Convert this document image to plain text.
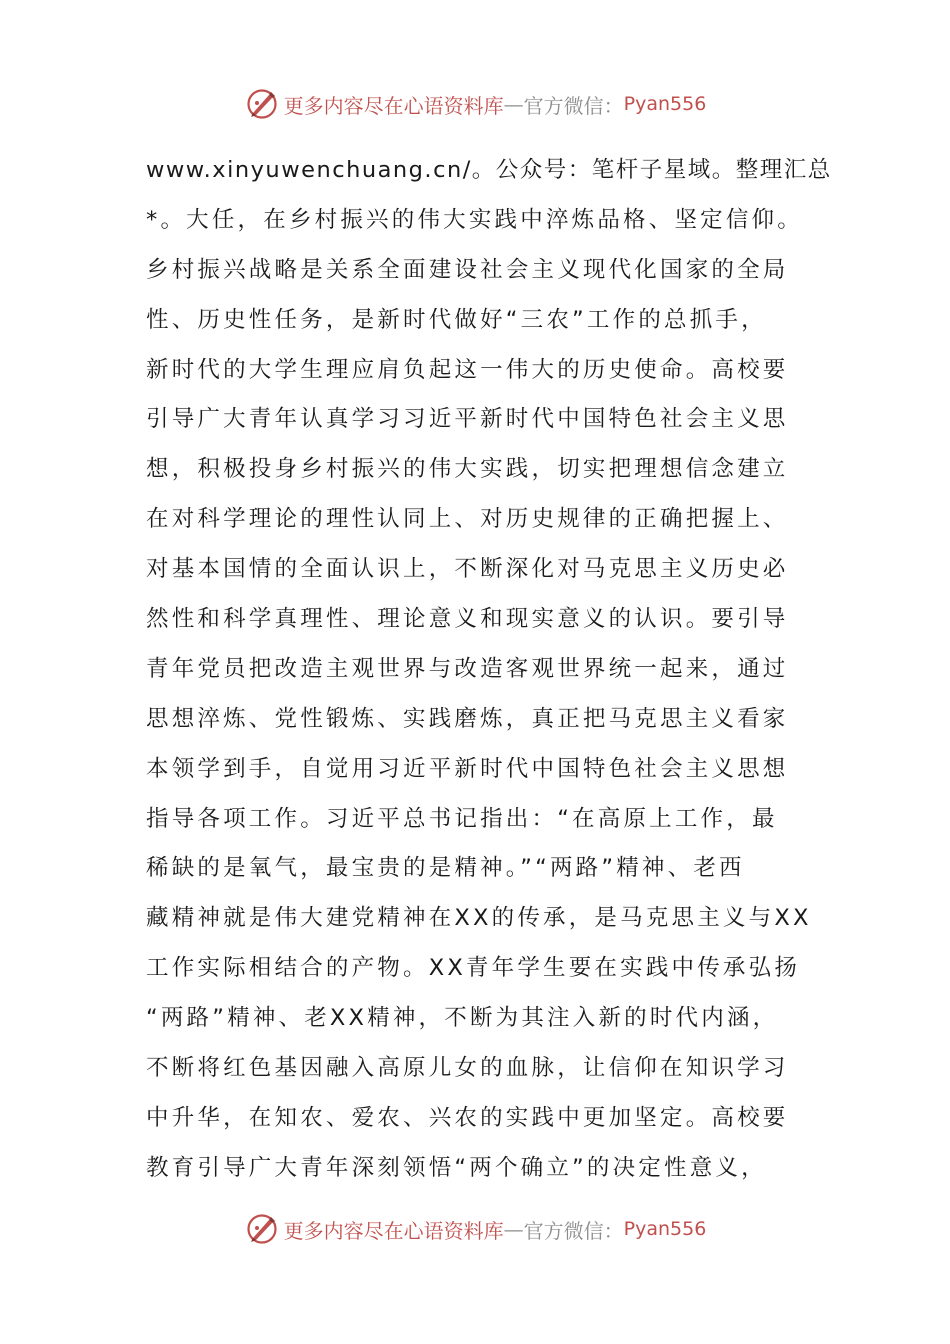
更多内容尽在心语资料库 — 官方微信： Pyan556
www.xinyuwenchuang.cn/。公众号：笔杆子星域。整理汇总
*。大任，在乡村振兴的伟大实践中淬炼品格、坚定信仰。
乡村振兴战略是关系全面建设社会主义现代化国家的全局
性、历史性任务，是新时代做好“三农”工作的总抓手，
新时代的大学生理应肩负起这一伟大的历史使命。高校要
引导广大青年认真学习习近平新时代中国特色社会主义思
想，积极投身乡村振兴的伟大实践，切实把理想信念建立
在对科学理论的理性认同上、对历史规律的正确把握上、
对基本国情的全面认识上，不断深化对马克思主义历史必
然性和科学真理性、理论意义和现实意义的认识。要引导
青年党员把改造主观世界与改造客观世界统一起来，通过
思想淬炼、党性锻炼、实践磨炼，真正把马克思主义看家
本领学到手，自觉用习近平新时代中国特色社会主义思想
指导各项工作。习近平总书记指出：“在高原上工作，最
稀缺的是氧气，最宝贵的是精神。”“两路”精神、老西
藏精神就是伟大建党精神在XX的传承，是马克思主义与XX
工作实际相结合的产物。XX青年学生要在实践中传承弘扬
“两路”精神、老XX精神，不断为其注入新的时代内涵，
不断将红色基因融入高原儿女的血脉，让信仰在知识学习
中升华，在知农、爱农、兴农的实践中更加坚定。高校要
教育引导广大青年深刻领悟“两个确立”的决定性意义，
更多内容尽在心语资料库 — 官方微信： Pyan556
